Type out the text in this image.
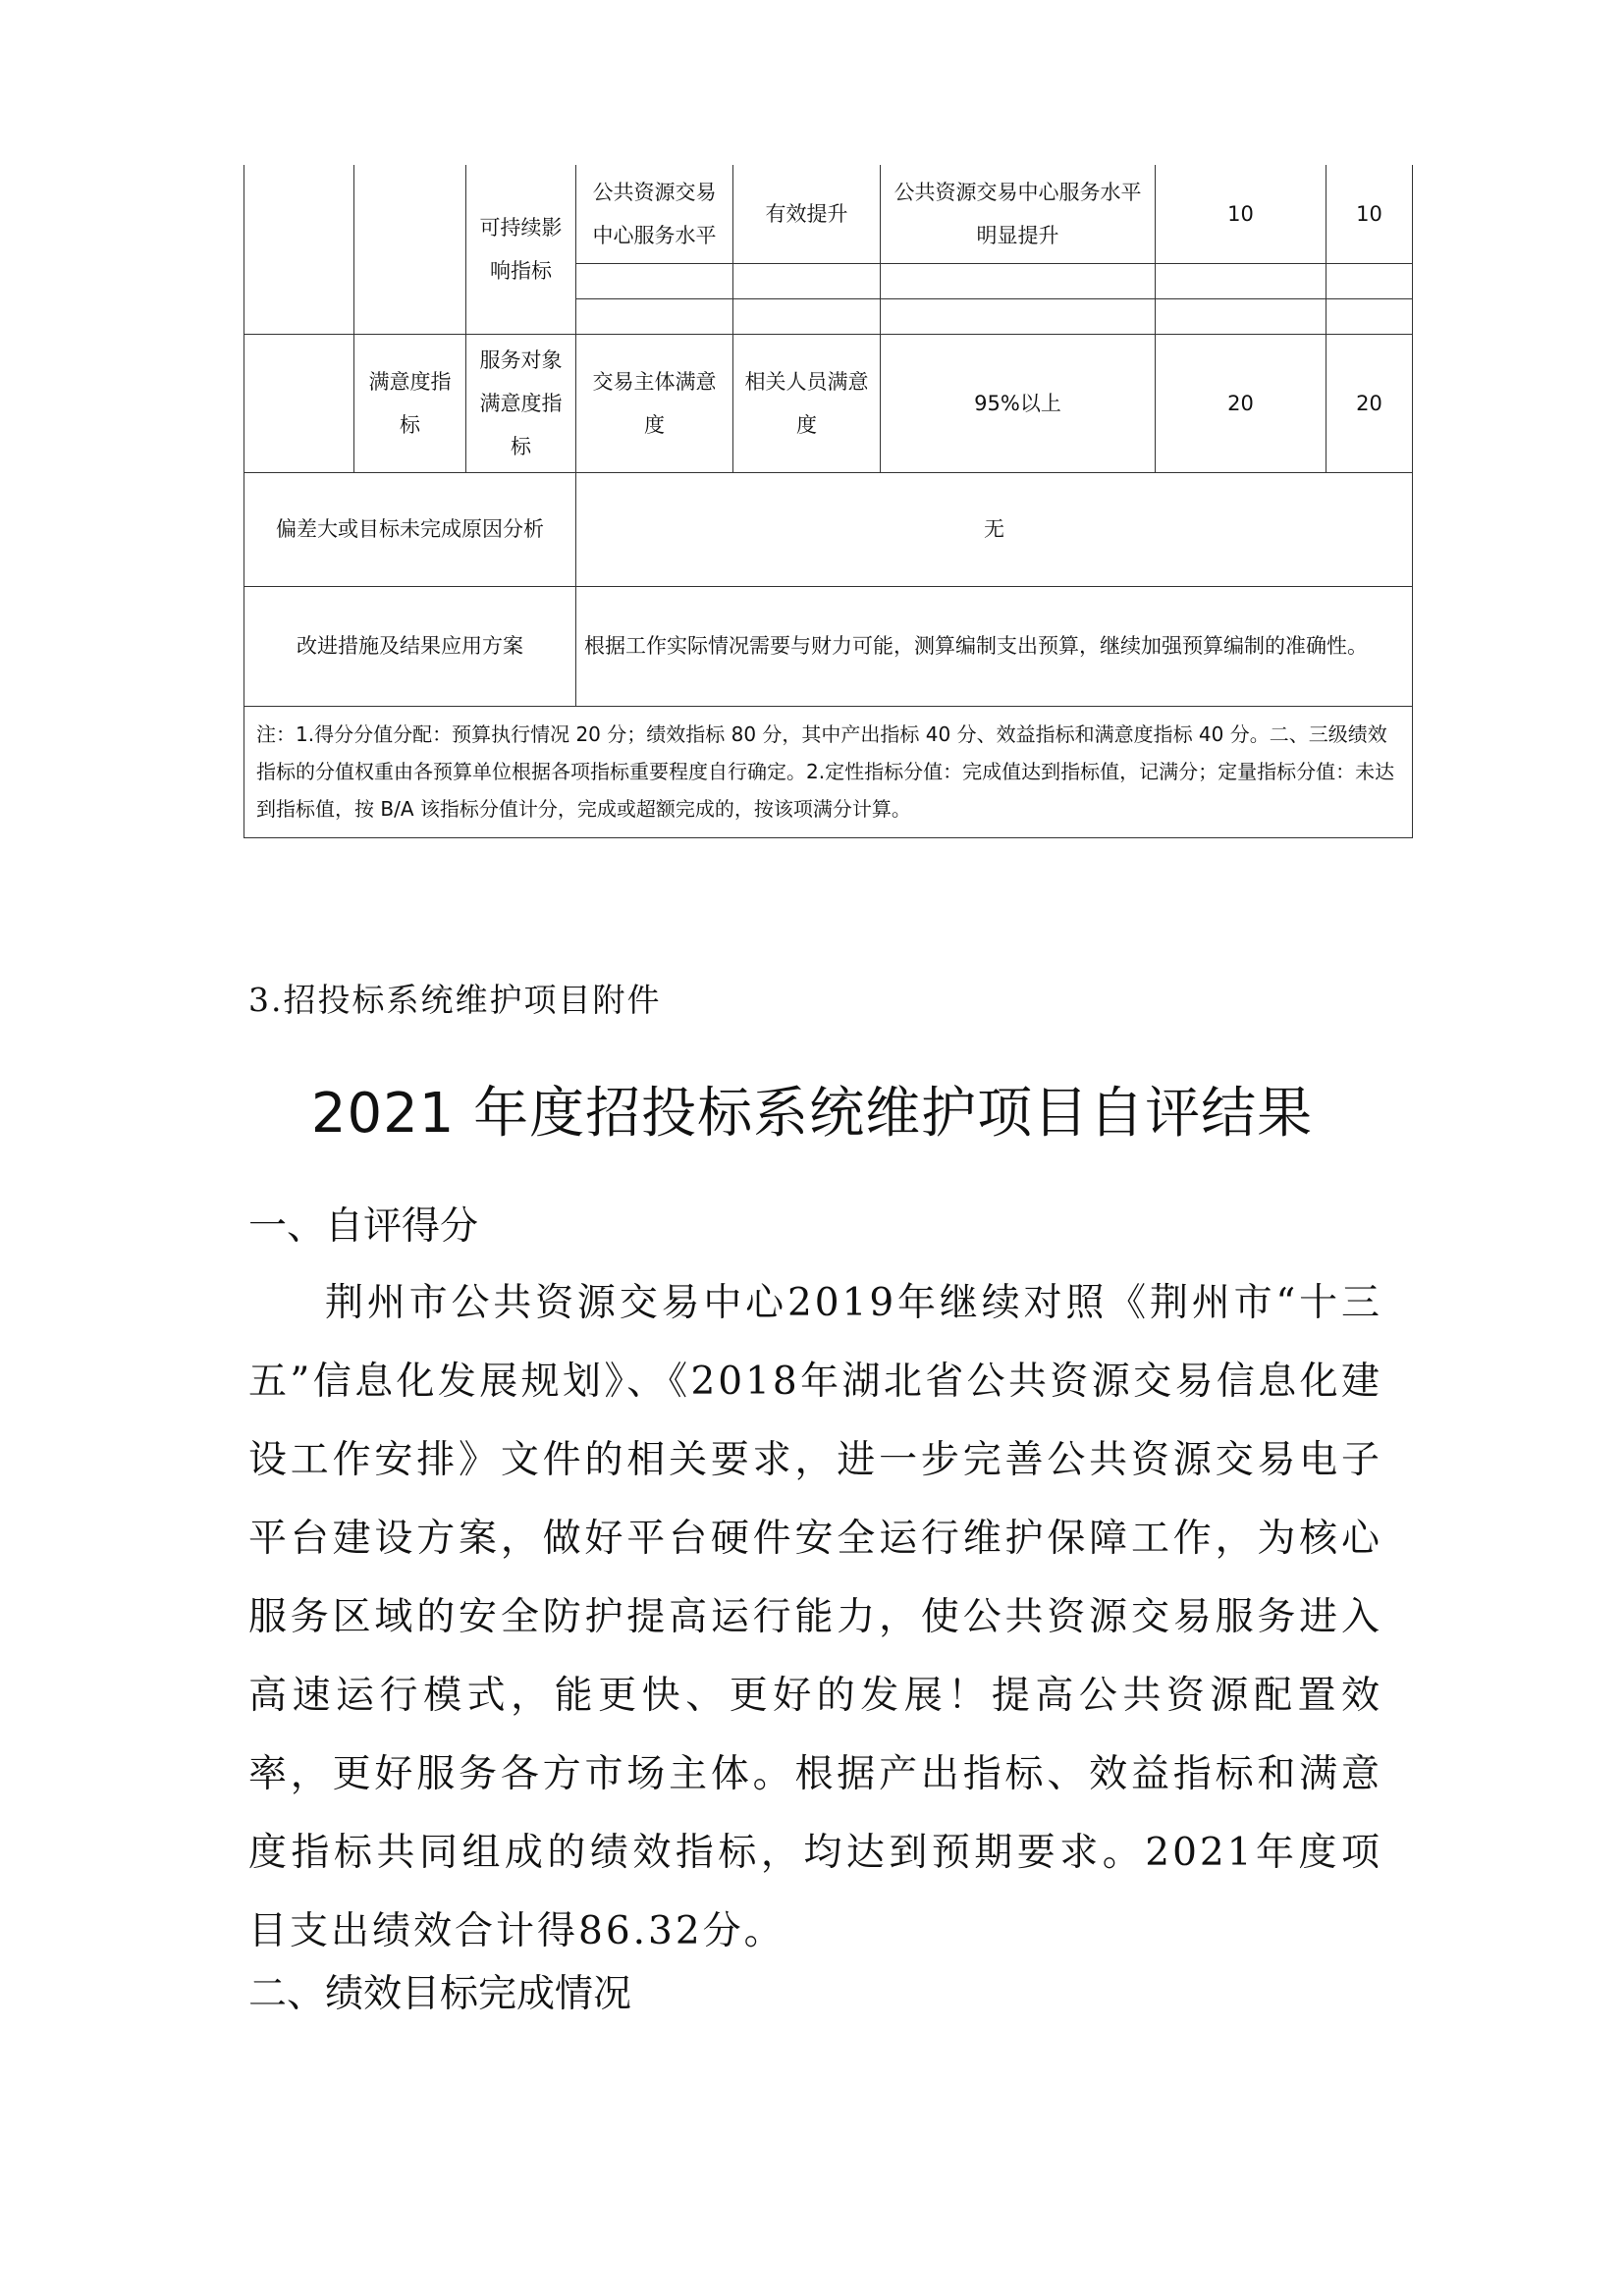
		可持续影响指标	公共资源交易中心服务水平	有效提升	公共资源交易中心服务水平明显提升	10	10

	满意度指标	服务对象满意度指标	交易主体满意度	相关人员满意度	95%以上	20	20

偏差大或目标未完成原因分析			无				

改进措施及结果应用方案			根据工作实际情况需要与财力可能，测算编制支出预算，继续加强预算编制的准确性。				

注：1.得分分值分配：预算执行情况 20 分；绩效指标 80 分，其中产出指标 40 分、效益指标和满意度指标 40 分。二、三级绩效指标的分值权重由各预算单位根据各项指标重要程度自行确定。2.定性指标分值：完成值达到指标值，记满分；定量指标分值：未达到指标值，按 B/A 该指标分值计分，完成或超额完成的，按该项满分计算。							
3.招投标系统维护项目附件
2021 年度招投标系统维护项目自评结果
一、自评得分
荆州市公共资源交易中心2019年继续对照《荆州市“十三五”信息化发展规划》、《2018年湖北省公共资源交易信息化建设工作安排》文件的相关要求，进一步完善公共资源交易电子平台建设方案，做好平台硬件安全运行维护保障工作，为核心服务区域的安全防护提高运行能力，使公共资源交易服务进入高速运行模式，能更快、更好的发展！提高公共资源配置效率，更好服务各方市场主体。根据产出指标、效益指标和满意度指标共同组成的绩效指标，均达到预期要求。2021年度项目支出绩效合计得86.32分。
二、绩效目标完成情况
